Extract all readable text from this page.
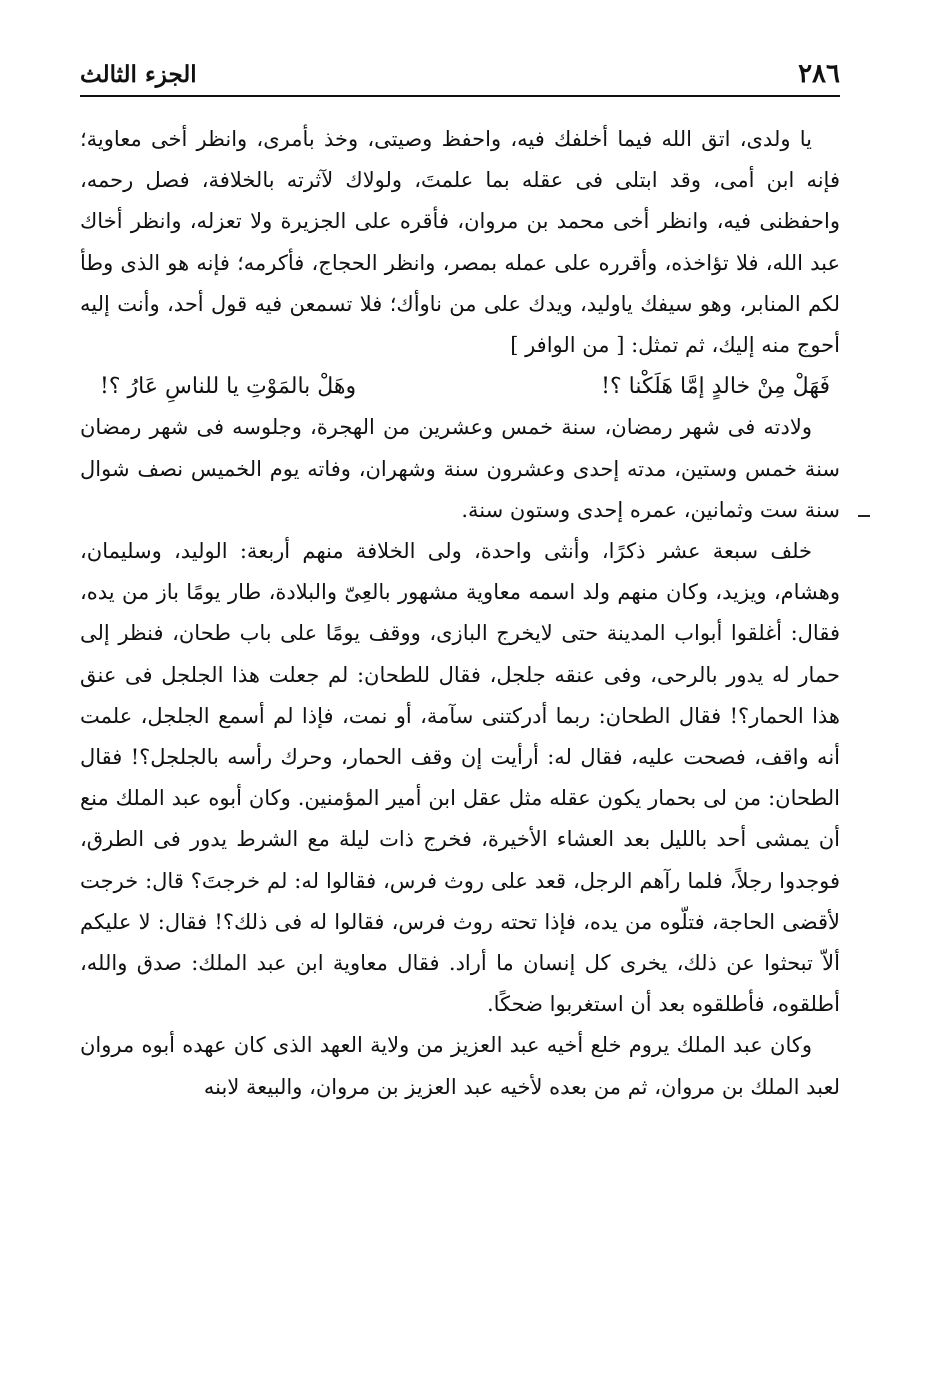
٢٨٦
الجزء الثالث

يا ولدى، اتق الله فيما أخلفك فيه، واحفظ وصيتى، وخذ بأمرى، وانظر أخى معاوية؛ فإنه ابن أمى، وقد ابتلى فى عقله بما علمتَ، ولولاك لآثرته بالخلافة، فصل رحمه، واحفظنى فيه، وانظر أخى محمد بن مروان، فأقره على الجزيرة ولا تعزله، وانظر أخاك عبد الله، فلا تؤاخذه، وأقرره على عمله بمصر، وانظر الحجاج، فأكرمه؛ فإنه هو الذى وطأ لكم المنابر، وهو سيفك ياوليد، ويدك على من ناوأك؛ فلا تسمعن فيه قول أحد، وأنت إليه أحوج منه إليك، ثم تمثل: [ من الوافر ]

فَهَلْ مِنْ خالدٍ إمَّا هَلَكْنا ؟!
وهَلْ بالمَوْتِ يا للناسِ عَارُ ؟!

ولادته فى شهر رمضان، سنة خمس وعشرين من الهجرة، وجلوسه فى شهر رمضان سنة خمس وستين، مدته إحدى وعشرون سنة وشهران، وفاته يوم الخميس نصف شوال سنة ست وثمانين، عمره إحدى وستون سنة.

خلف سبعة عشر ذكرًا، وأنثى واحدة، ولى الخلافة منهم أربعة: الوليد، وسليمان، وهشام، ويزيد، وكان منهم ولد اسمه معاوية مشهور بالعِىّ والبلادة، طار يومًا باز من يده، فقال: أغلقوا أبواب المدينة حتى لايخرج البازى، ووقف يومًا على باب طحان، فنظر إلى حمار له يدور بالرحى، وفى عنقه جلجل، فقال للطحان: لم جعلت هذا الجلجل فى عنق هذا الحمار؟! فقال الطحان: ربما أدركتنى سآمة، أو نمت، فإذا لم أسمع الجلجل، علمت أنه واقف، فصحت عليه، فقال له: أرأيت إن وقف الحمار، وحرك رأسه بالجلجل؟! فقال الطحان: من لى بحمار يكون عقله مثل عقل ابن أمير المؤمنين. وكان أبوه عبد الملك منع أن يمشى أحد بالليل بعد العشاء الأخيرة، فخرج ذات ليلة مع الشرط يدور فى الطرق، فوجدوا رجلاً، فلما رآهم الرجل، قعد على روث فرس، فقالوا له: لم خرجتَ؟ قال: خرجت لأقضى الحاجة، فتلّوه من يده، فإذا تحته روث فرس، فقالوا له فى ذلك؟! فقال: لا عليكم ألاّ تبحثوا عن ذلك، يخرى كل إنسان ما أراد. فقال معاوية ابن عبد الملك: صدق والله، أطلقوه، فأطلقوه بعد أن استغربوا ضحكًا.

وكان عبد الملك يروم خلع أخيه عبد العزيز من ولاية العهد الذى كان عهده أبوه مروان لعبد الملك بن مروان، ثم من بعده لأخيه عبد العزيز بن مروان، والبيعة لابنه
